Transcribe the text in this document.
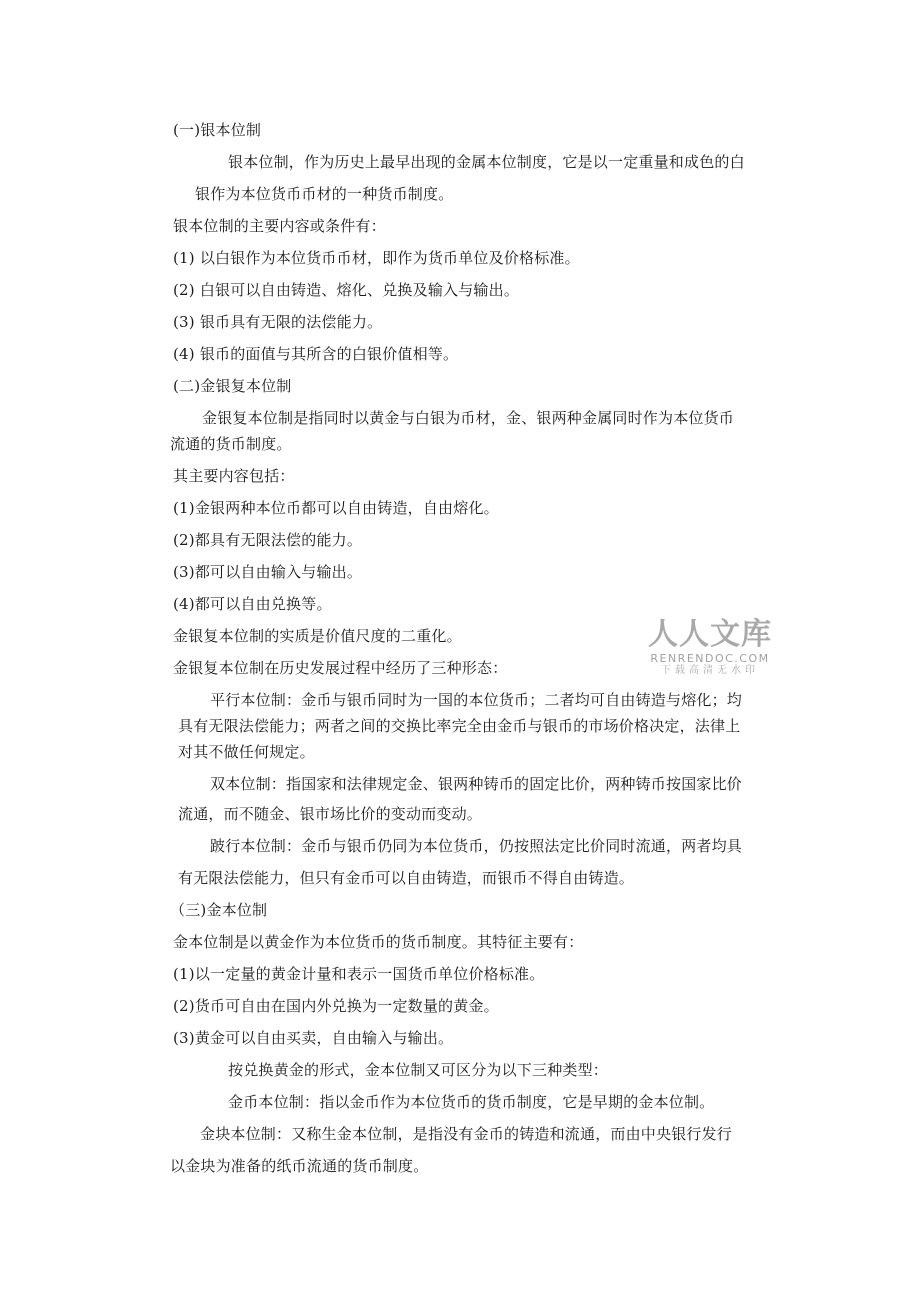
(一)银本位制
银本位制，作为历史上最早出现的金属本位制度，它是以一定重量和成色的白
银作为本位货币币材的一种货币制度。
银本位制的主要内容或条件有：
(1) 以白银作为本位货币币材，即作为货币单位及价格标准。
(2) 白银可以自由铸造、熔化、兑换及输入与输出。
(3) 银币具有无限的法偿能力。
(4) 银币的面值与其所含的白银价值相等。
(二)金银复本位制
金银复本位制是指同时以黄金与白银为币材，金、银两种金属同时作为本位货币
流通的货币制度。
其主要内容包括：
(1)金银两种本位币都可以自由铸造，自由熔化。
(2)都具有无限法偿的能力。
(3)都可以自由输入与输出。
(4)都可以自由兑换等。
金银复本位制的实质是价值尺度的二重化。
金银复本位制在历史发展过程中经历了三种形态：
平行本位制：金币与银币同时为一国的本位货币；二者均可自由铸造与熔化；均
具有无限法偿能力；两者之间的交换比率完全由金币与银币的市场价格决定，法律上
对其不做任何规定。
双本位制：指国家和法律规定金、银两种铸币的固定比价，两种铸币按国家比价
流通，而不随金、银市场比价的变动而变动。
跛行本位制：金币与银币仍同为本位货币，仍按照法定比价同时流通，两者均具
有无限法偿能力，但只有金币可以自由铸造，而银币不得自由铸造。
（三)金本位制
金本位制是以黄金作为本位货币的货币制度。其特征主要有：
(1)以一定量的黄金计量和表示一国货币单位价格标准。
(2)货币可自由在国内外兑换为一定数量的黄金。
(3)黄金可以自由买卖，自由输入与输出。
按兑换黄金的形式，金本位制又可区分为以下三种类型：
金币本位制：指以金币作为本位货币的货币制度，它是早期的金本位制。
金块本位制：又称生金本位制，是指没有金币的铸造和流通，而由中央银行发行
以金块为准备的纸币流通的货币制度。
人人文库
RENRENDOC.COM
下载高清无水印
